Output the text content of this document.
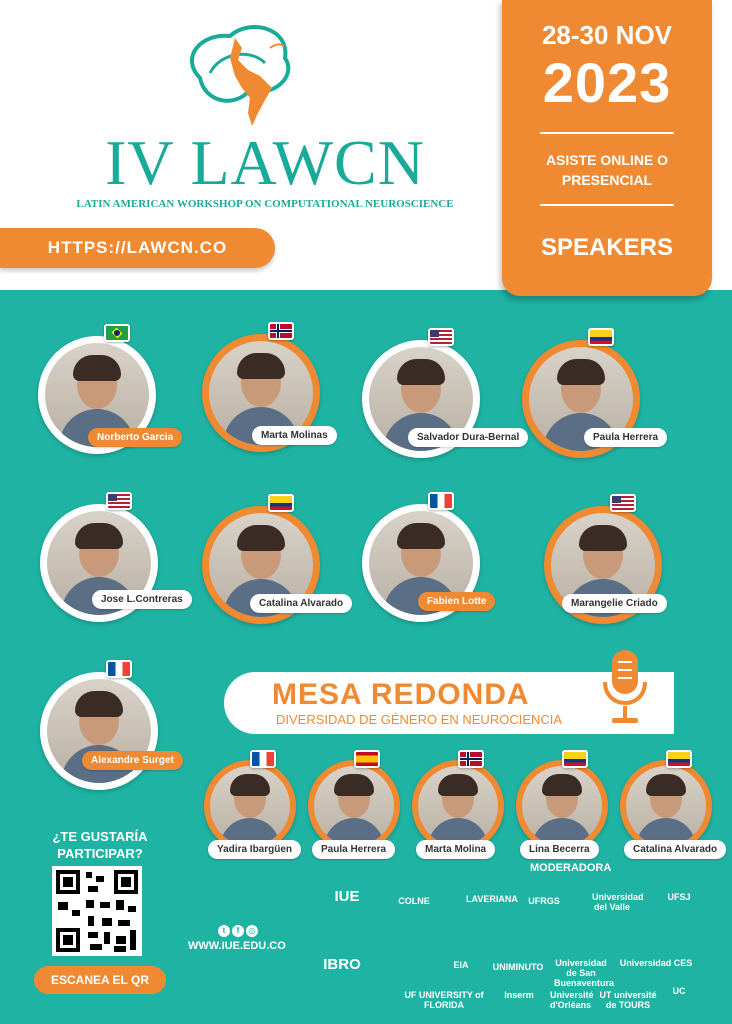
IV LAWCN
LATIN AMERICAN WORKSHOP ON COMPUTATIONAL NEUROSCIENCE
HTTPS://LAWCN.CO
28-30 NOV
2023
ASISTE ONLINE O PRESENCIAL
SPEAKERS
Norberto Garcia	Marta Molinas	Salvador Dura-Bernal	Paula Herrera
Jose L.Contreras	Catalina Alvarado	Fabien Lotte	Marangelie Criado
Alexandre Surget
MESA REDONDA
DIVERSIDAD DE GÉNERO EN NEUROCIENCIA
Yadira Ibargüen	Paula Herrera	Marta Molina	Lina Becerra	Catalina Alvarado
MODERADORA
¿TE GUSTARÍA PARTICIPAR?
ESCANEA EL QR
t f ◎
WWW.IUE.EDU.CO
IUE	COLNE	LAVERIANA	UFRGS	Universidad del Valle
UFSJ
IBRO	EIA	UNIMINUTO Universidad de San Buenaventura
Universidad CES
UF UNIVERSITY of FLORIDA
Inserm	Université d'Orléans
UT université de TOURS
UC
